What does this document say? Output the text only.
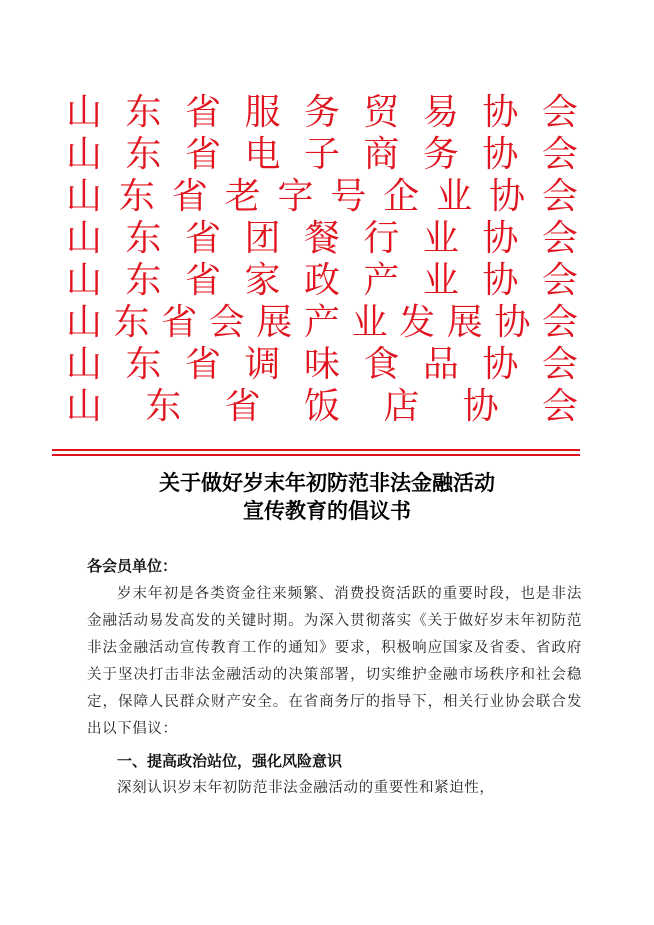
山 东 省 服 务 贸 易 协 会
山 东 省 电 子 商 务 协 会
山 东 省 老 字 号 企 业 协 会
山 东 省 团 餐 行 业 协 会
山 东 省 家 政 产 业 协 会
山 东 省 会 展 产 业 发 展 协 会
山 东 省 调 味 食 品 协 会
山 东 省 饭 店 协 会
关于做好岁末年初防范非法金融活动
宣传教育的倡议书
各会员单位：
岁末年初是各类资金往来频繁、消费投资活跃的重要时段，也是非法金融活动易发高发的关键时期。为深入贯彻落实《关于做好岁末年初防范非法金融活动宣传教育工作的通知》要求，积极响应国家及省委、省政府关于坚决打击非法金融活动的决策部署，切实维护金融市场秩序和社会稳定，保障人民群众财产安全。在省商务厅的指导下，相关行业协会联合发出以下倡议：
一、提高政治站位，强化风险意识
深刻认识岁末年初防范非法金融活动的重要性和紧迫性，
